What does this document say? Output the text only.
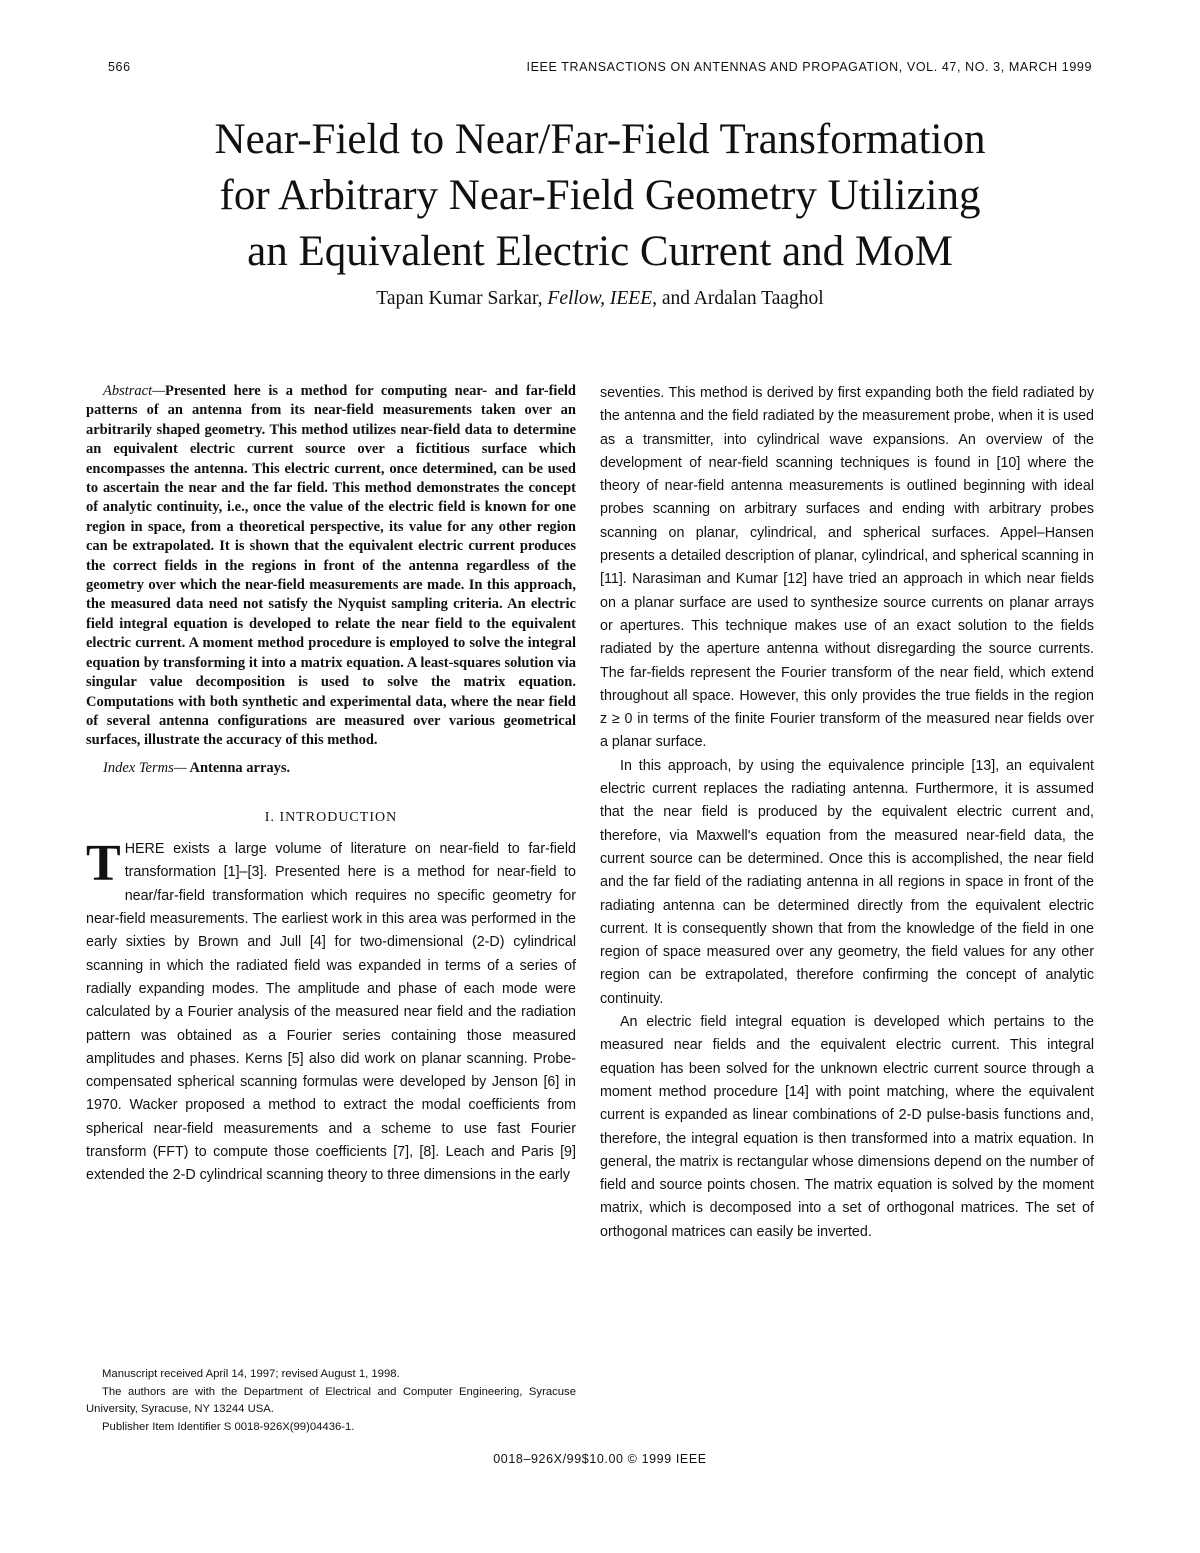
566	IEEE TRANSACTIONS ON ANTENNAS AND PROPAGATION, VOL. 47, NO. 3, MARCH 1999
Near-Field to Near/Far-Field Transformation
for Arbitrary Near-Field Geometry Utilizing
an Equivalent Electric Current and MoM
Tapan Kumar Sarkar, Fellow, IEEE, and Ardalan Taaghol

Abstract—Presented here is a method for computing near- and far-field patterns of an antenna from its near-field measurements taken over an arbitrarily shaped geometry. This method utilizes near-field data to determine an equivalent electric current source over a fictitious surface which encompasses the antenna. This electric current, once determined, can be used to ascertain the near and the far field. This method demonstrates the concept of analytic continuity, i.e., once the value of the electric field is known for one region in space, from a theoretical perspective, its value for any other region can be extrapolated. It is shown that the equivalent electric current produces the correct fields in the regions in front of the antenna regardless of the geometry over which the near-field measurements are made. In this approach, the measured data need not satisfy the Nyquist sampling criteria. An electric field integral equation is developed to relate the near field to the equivalent electric current. A moment method procedure is employed to solve the integral equation by transforming it into a matrix equation. A least-squares solution via singular value decomposition is used to solve the matrix equation. Computations with both synthetic and experimental data, where the near field of several antenna configurations are measured over various geometrical surfaces, illustrate the accuracy of this method.

Index Terms— Antenna arrays.

I. INTRODUCTION

THERE exists a large volume of literature on near-field to far-field transformation [1]–[3]. Presented here is a method for near-field to near/far-field transformation which requires no specific geometry for near-field measurements. The earliest work in this area was performed in the early sixties by Brown and Jull [4] for two-dimensional (2-D) cylindrical scanning in which the radiated field was expanded in terms of a series of radially expanding modes. The amplitude and phase of each mode were calculated by a Fourier analysis of the measured near field and the radiation pattern was obtained as a Fourier series containing those measured amplitudes and phases. Kerns [5] also did work on planar scanning. Probe-compensated spherical scanning formulas were developed by Jenson [6] in 1970. Wacker proposed a method to extract the modal coefficients from spherical near-field measurements and a scheme to use fast Fourier transform (FFT) to compute those coefficients [7], [8]. Leach and Paris [9] extended the 2-D cylindrical scanning theory to three dimensions in the early

seventies. This method is derived by first expanding both the field radiated by the antenna and the field radiated by the measurement probe, when it is used as a transmitter, into cylindrical wave expansions. An overview of the development of near-field scanning techniques is found in [10] where the theory of near-field antenna measurements is outlined beginning with ideal probes scanning on arbitrary surfaces and ending with arbitrary probes scanning on planar, cylindrical, and spherical surfaces. Appel–Hansen presents a detailed description of planar, cylindrical, and spherical scanning in [11]. Narasiman and Kumar [12] have tried an approach in which near fields on a planar surface are used to synthesize source currents on planar arrays or apertures. This technique makes use of an exact solution to the fields radiated by the aperture antenna without disregarding the source currents. The far-fields represent the Fourier transform of the near field, which extend throughout all space. However, this only provides the true fields in the region z ≥ 0 in terms of the finite Fourier transform of the measured near fields over a planar surface.

In this approach, by using the equivalence principle [13], an equivalent electric current replaces the radiating antenna. Furthermore, it is assumed that the near field is produced by the equivalent electric current and, therefore, via Maxwell's equation from the measured near-field data, the current source can be determined. Once this is accomplished, the near field and the far field of the radiating antenna in all regions in space in front of the radiating antenna can be determined directly from the equivalent electric current. It is consequently shown that from the knowledge of the field in one region of space measured over any geometry, the field values for any other region can be extrapolated, therefore confirming the concept of analytic continuity.

An electric field integral equation is developed which pertains to the measured near fields and the equivalent electric current. This integral equation has been solved for the unknown electric current source through a moment method procedure [14] with point matching, where the equivalent current is expanded as linear combinations of 2-D pulse-basis functions and, therefore, the integral equation is then transformed into a matrix equation. In general, the matrix is rectangular whose dimensions depend on the number of field and source points chosen. The matrix equation is solved by the moment matrix, which is decomposed into a set of orthogonal matrices. The set of orthogonal matrices can easily be inverted.

Manuscript received April 14, 1997; revised August 1, 1998.

The authors are with the Department of Electrical and Computer Engineering, Syracuse University, Syracuse, NY 13244 USA.

Publisher Item Identifier S 0018-926X(99)04436-1.

0018–926X/99$10.00 © 1999 IEEE
